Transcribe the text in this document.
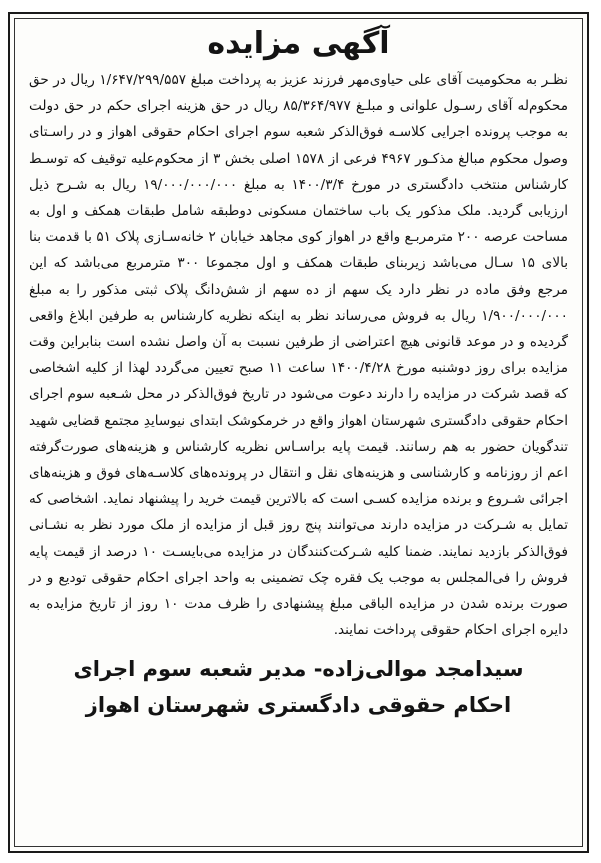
آگهی مزایده

نظـر به محکومیت آقای علی حیاوی‌مهر فرزند عزیز به پرداخت مبلغ ۱/۶۴۷/۲۹۹/۵۵۷ ریال در حق محکوم‌له آقای رسـول علوانی و مبلـغ ۸۵/۳۶۴/۹۷۷ ریال در حق هزینه اجرای حکم در حق دولت به موجب پرونده اجرایی کلاسـه فوق‌الذکر شعبه سوم اجرای احکام حقوقی اهواز و در راسـتای وصول محکوم مبالغ مذکـور ۴۹۶۷ فرعی از ۱۵۷۸ اصلی بخش ۳ از محکوم‌علیه توقیف که توسـط کارشناس منتخب دادگستری در مورخ ۱۴۰۰/۳/۴ به مبلغ ۱۹/۰۰۰/۰۰۰/۰۰۰ ریال به شـرح ذیل ارزیابی گردید. ملک مذکور یک باب ساختمان مسکونی دوطبقه شامل طبقات همکف و اول به مساحت عرصه ۲۰۰ مترمربـع واقع در اهواز کوی مجاهد خیابان ۲ خانه‌سـازی پلاک ۵۱ با قدمت بنا بالای ۱۵ سـال می‌باشد زیربنای طبقات همکف و اول مجموعا ۳۰۰ مترمربع می‌باشد که این مرجع وفق ماده در نظر دارد یک سهم از ده سهم از شش‌دانگ پلاک ثبتی مذکور را به مبلغ ۱/۹۰۰/۰۰۰/۰۰۰ ریال به فروش می‌رساند نظر به اینکه نظریه کارشناس به طرفین ابلاغ واقعی گردیده و در موعد قانونی هیچ اعتراضی از طرفین نسبت به آن واصل نشده است بنابراین وقت مزایده برای روز دوشنبه مورخ ۱۴۰۰/۴/۲۸ ساعت ۱۱ صبح تعیین می‌گردد لهذا از کلیه اشخاصی که قصد شرکت در مزایده را دارند دعوت می‌شود در تاریخ فوق‌الذکر در محل شـعبه سوم اجرای احکام حقوقی دادگستری شهرستان اهواز واقع در خرمکوشک ابتدای نیوسایدِ مجتمع قضایی شهید تندگویان حضور به هم رسانند. قیمت پایه براسـاس نظریه کارشناس و هزینه‌های صورت‌گرفته اعم از روزنامه و کارشناسی و هزینه‌های نقل و انتقال در پرونده‌های کلاسـه‌های فوق و هزینه‌های اجرائی شـروع و برنده مزایده کسـی است که بالاترین قیمت خرید را پیشنهاد نماید. اشخاصی که تمایل به شـرکت در مزایده دارند می‌توانند پنج روز قبل از مزایده از ملک مورد نظر به نشـانی فوق‌الذکر بازدید نمایند. ضمنا کلیه شـرکت‌کنندگان در مزایده می‌بایسـت ۱۰ درصد از قیمت پایه فروش را فی‌المجلس به موجب یک فقره چک تضمینی به واحد اجرای احکام حقوقی تودیع و در صورت برنده شدن در مزایده الباقی مبلغ پیشنهادی را ظرف مدت ۱۰ روز از تاریخ مزایده به دایره اجرای احکام حقوقی پرداخت نمایند.

سیدامجد موالی‌زاده- مدیر شعبه سوم اجرای
احکام حقوقی دادگستری شهرستان اهواز
